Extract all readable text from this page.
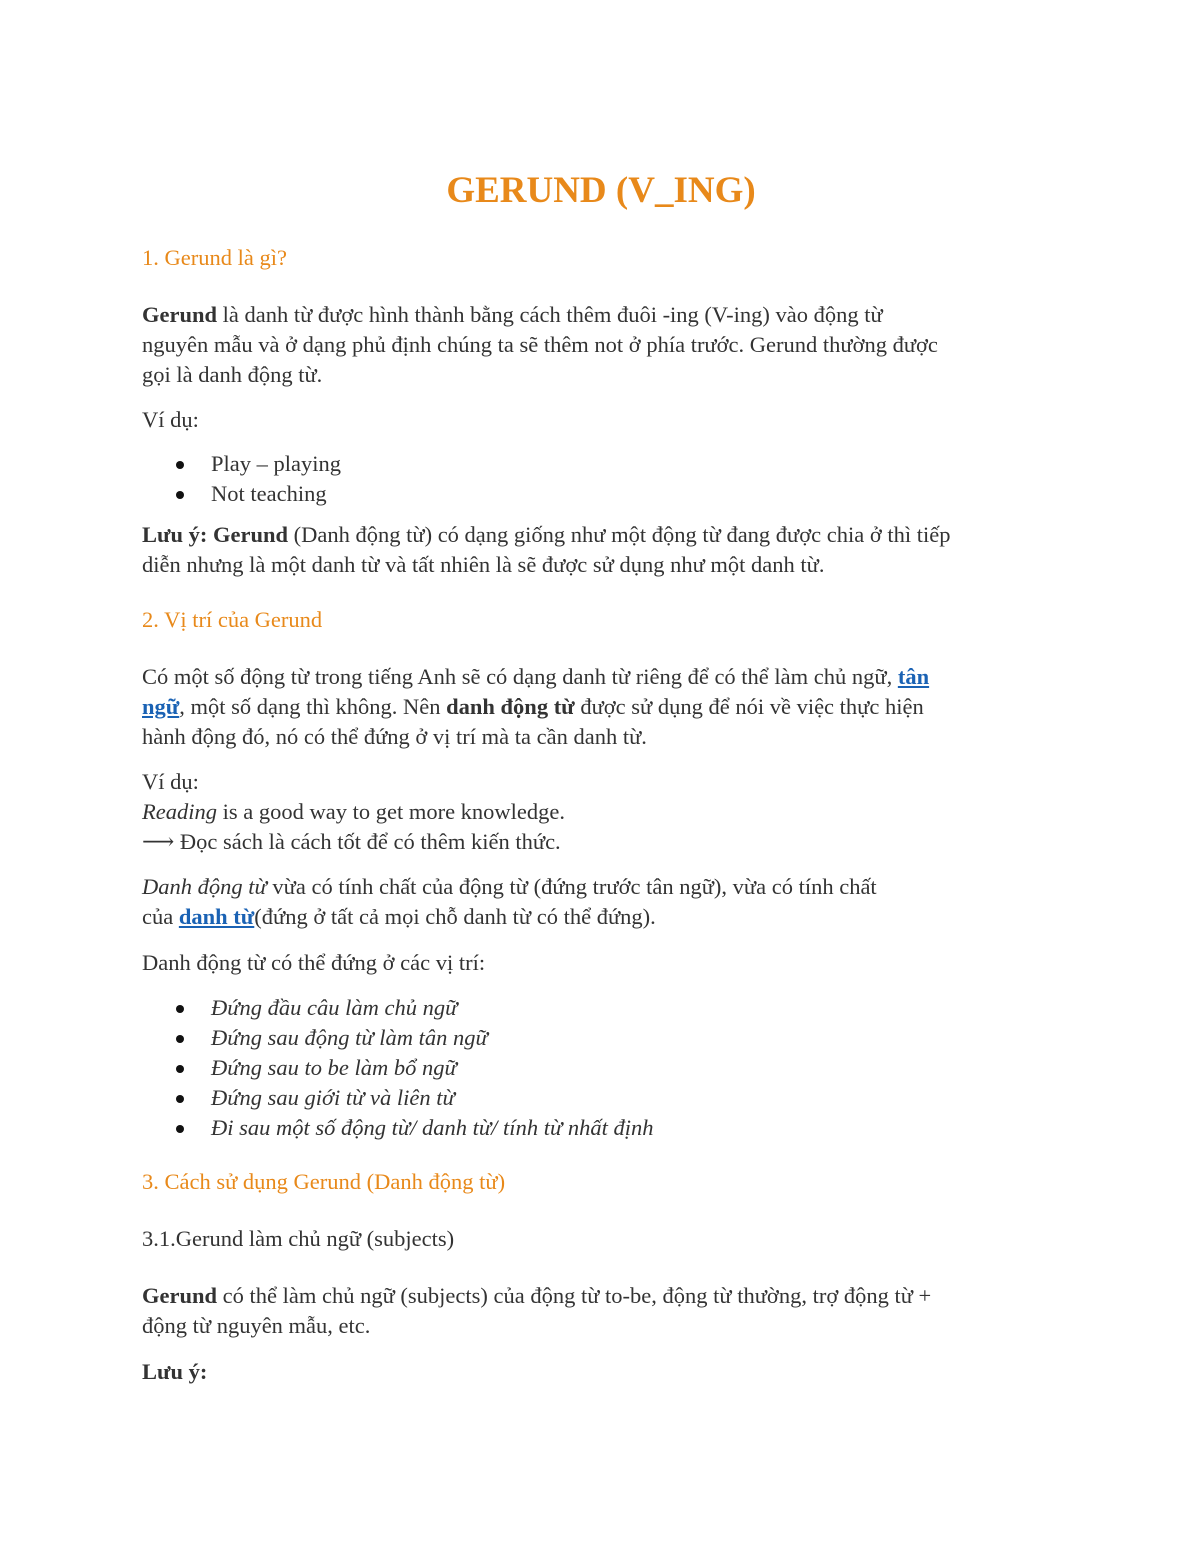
GERUND (V_ING)
1. Gerund là gì?

Gerund là danh từ được hình thành bằng cách thêm đuôi -ing (V-ing) vào động từ
nguyên mẫu và ở dạng phủ định chúng ta sẽ thêm not ở phía trước. Gerund thường được
gọi là danh động từ.

Ví dụ:

Play – playing
Not teaching

Lưu ý: Gerund (Danh động từ) có dạng giống như một động từ đang được chia ở thì tiếp
diễn nhưng là một danh từ và tất nhiên là sẽ được sử dụng như một danh từ.

2. Vị trí của Gerund

Có một số động từ trong tiếng Anh sẽ có dạng danh từ riêng để có thể làm chủ ngữ, tân
ngữ, một số dạng thì không. Nên danh động từ được sử dụng để nói về việc thực hiện
hành động đó, nó có thể đứng ở vị trí mà ta cần danh từ.

Ví dụ:
Reading is a good way to get more knowledge.
⟶ Đọc sách là cách tốt để có thêm kiến thức.

Danh động từ vừa có tính chất của động từ (đứng trước tân ngữ), vừa có tính chất
của danh từ(đứng ở tất cả mọi chỗ danh từ có thể đứng).

Danh động từ có thể đứng ở các vị trí:

Đứng đầu câu làm chủ ngữ
Đứng sau động từ làm tân ngữ
Đứng sau to be làm bổ ngữ
Đứng sau giới từ và liên từ
Đi sau một số động từ/ danh từ/ tính từ nhất định
3. Cách sử dụng Gerund (Danh động từ)
3.1.Gerund làm chủ ngữ (subjects)

Gerund có thể làm chủ ngữ (subjects) của động từ to-be, động từ thường, trợ động từ +
động từ nguyên mẫu, etc.

Lưu ý:
